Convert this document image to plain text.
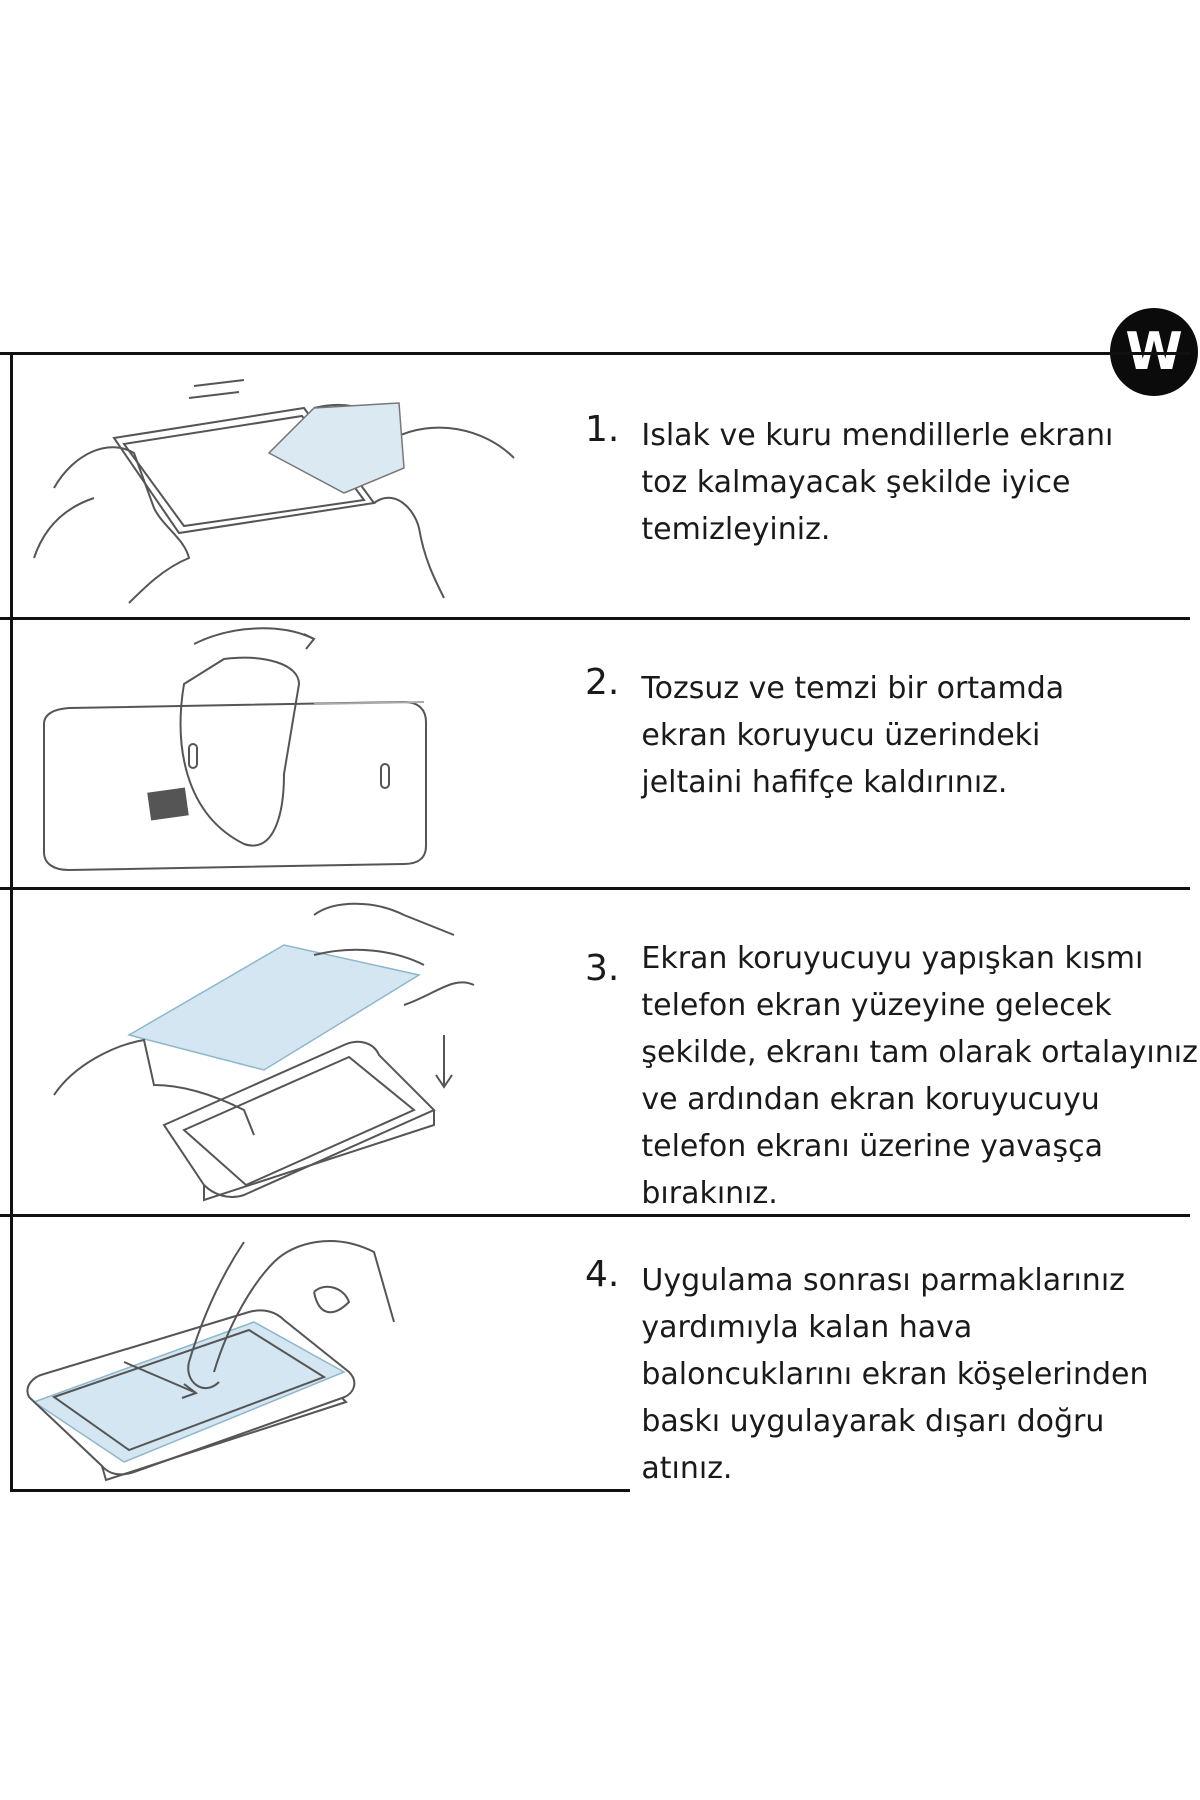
W
1. Islak ve kuru mendillerle ekranı
toz kalmayacak şekilde iyice
temizleyiniz.
2. Tozsuz ve temzi bir ortamda
ekran koruyucu üzerindeki
jeltaini hafifçe kaldırınız.
3. Ekran koruyucuyu yapışkan kısmı
telefon ekran yüzeyine gelecek
şekilde, ekranı tam olarak ortalayınız
ve ardından ekran koruyucuyu
telefon ekranı üzerine yavaşça
bırakınız.
4. Uygulama sonrası parmaklarınız
yardımıyla kalan hava
baloncuklarını ekran köşelerinden
baskı uygulayarak dışarı doğru
atınız.
